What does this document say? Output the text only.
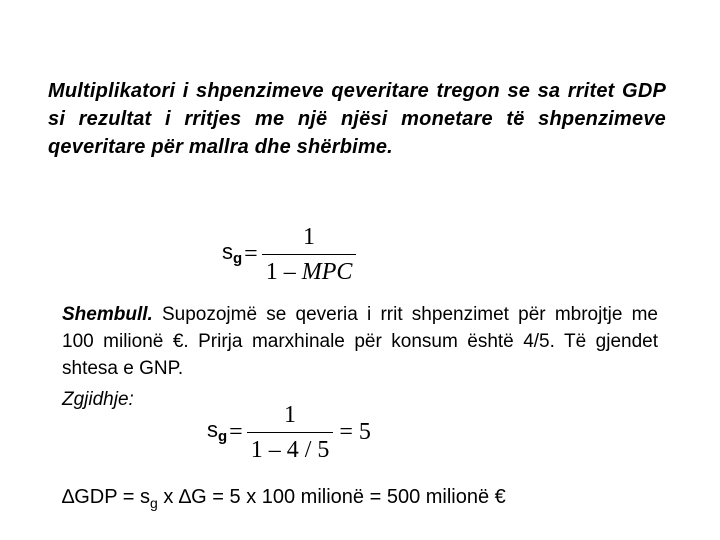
Multiplikatori i shpenzimeve qeveritare tregon se sa rritet GDP si rezultat i rritjes me një njësi monetare të shpenzimeve qeveritare për mallra dhe shërbime.
$s_g = \frac{1}{\text{1 – MPC}}$
Shembull. Supozojmë se qeveria i rrit shpenzimet për mbrojtje me 100 milionë €. Prirja marxhinale për konsum është 4/5. Të gjendet shtesa e GNP.
Zgjidhje:
$s_g = \frac{1}{1 - 4 / 5} = 5$
$\Delta GDP = s_g$ x ∆G = 5 x 100 milionë = 500 milionë €
